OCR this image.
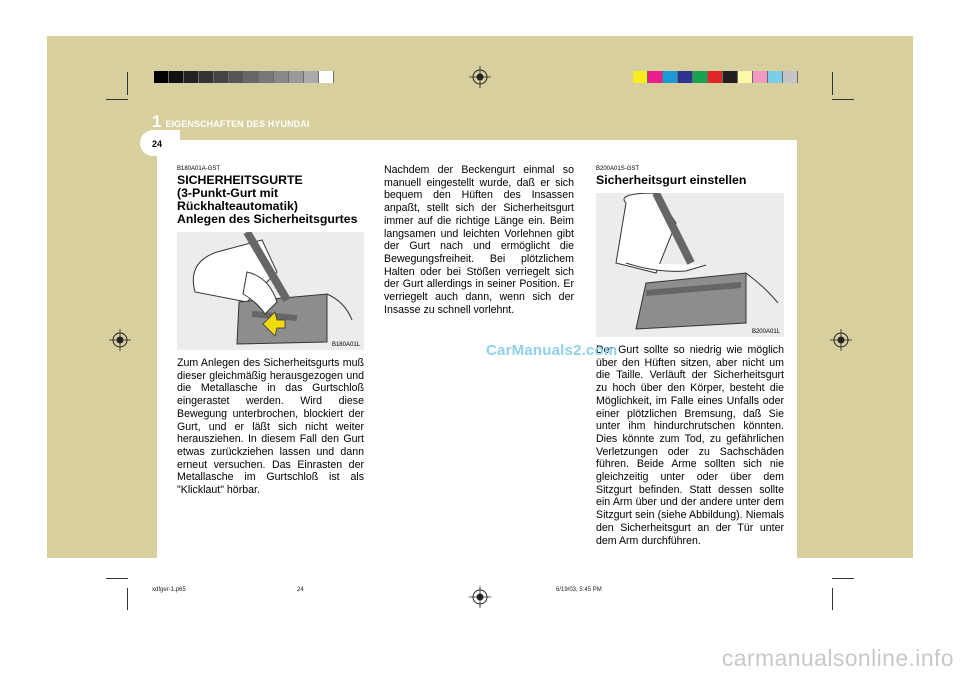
1 EIGENSCHAFTEN DES HYUNDAI
24
B180A01A-GST
SICHERHEITSGURTE
(3-Punkt-Gurt mit
Rückhalteautomatik)
Anlegen des Sicherheitsgurtes
B180A01L
Zum Anlegen des Sicherheitsgurts muß dieser gleichmäßig herausgezogen und die Metallasche in das Gurtschloß eingerastet werden. Wird diese Bewegung unterbrochen, blockiert der Gurt, und er läßt sich nicht weiter herausziehen. In diesem Fall den Gurt etwas zurückziehen lassen und dann erneut versuchen. Das Einrasten der Metallasche im Gurtschloß ist als "Klicklaut" hörbar.
Nachdem der Beckengurt einmal so manuell eingestellt wurde, daß er sich bequem den Hüften des Insassen anpaßt, stellt sich der Sicherheitsgurt immer auf die richtige Länge ein. Beim langsamen und leichten Vorlehnen gibt der Gurt nach und ermöglicht die Bewegungsfreiheit. Bei plötzlichem Halten oder bei Stößen verriegelt sich der Gurt allerdings in seiner Position. Er verriegelt auch dann, wenn sich der Insasse zu schnell vorlehnt.
B200A01S-GST
Sicherheitsgurt einstellen
B200A01L
Der Gurt sollte so niedrig wie möglich über den Hüften sitzen, aber nicht um die Taille. Verläuft der Sicherheitsgurt zu hoch über den Körper, besteht die Möglichkeit, im Falle eines Unfalls oder einer plötzlichen Bremsung, daß Sie unter ihm hindurchrutschen könnten. Dies könnte zum Tod, zu gefährlichen Verletzungen oder zu Sachschäden führen. Beide Arme sollten sich nie gleichzeitig unter oder über dem Sitzgurt befinden. Statt dessen sollte ein Arm über und der andere unter dem Sitzgurt sein (siehe Abbildung). Niemals den Sicherheitsgurt an der Tür unter dem Arm durchführen.
CarManuals2.com
xdfger-1.p65	24	6/19/03, 5:45 PM
carmanualsonline.info
